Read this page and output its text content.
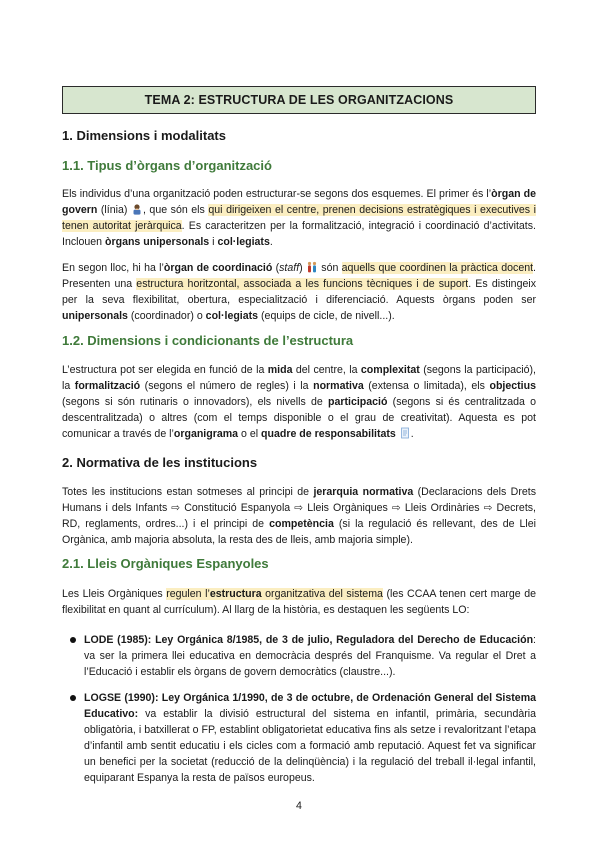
TEMA 2: ESTRUCTURA DE LES ORGANITZACIONS
1. Dimensions i modalitats
1.1. Tipus d’òrgans d’organització

Els individus d’una organització poden estructurar-se segons dos esquemes. El primer és l’òrgan de govern (línia) , que són els qui dirigeixen el centre, prenen decisions estratègiques i executives i tenen autoritat jeràrquica. Es caracteritzen per la formalització, integració i coordinació d’activitats. Inclouen òrgans unipersonals i col·legiats.

En segon lloc, hi ha l’òrgan de coordinació (staff)  són aquells que coordinen la pràctica docent. Presenten una estructura horitzontal, associada a les funcions tècniques i de suport. Es distingeix per la seva flexibilitat, obertura, especialització i diferenciació. Aquests òrgans poden ser unipersonals (coordinador) o col·legiats (equips de cicle, de nivell...).

1.2. Dimensions i condicionants de l’estructura

L’estructura pot ser elegida en funció de la mida del centre, la complexitat (segons la participació), la formalització (segons el número de regles) i la normativa (extensa o limitada), els objectius (segons si són rutinaris o innovadors), els nivells de participació (segons si és centralitzada o descentralitzada) o altres (com el temps disponible o el grau de creativitat). Aquesta es pot comunicar a través de l’organigrama o el quadre de responsabilitats .

2. Normativa de les institucions

Totes les institucions estan sotmeses al principi de jerarquia normativa (Declaracions dels Drets Humans i dels Infants ⇨ Constitució Espanyola ⇨ Lleis Orgàniques ⇨ Lleis Ordinàries ⇨ Decrets, RD, reglaments, ordres...) i el principi de competència (si la regulació és rellevant, des de Llei Orgànica, amb majoria absoluta, la resta des de lleis, amb majoria simple).

2.1. Lleis Orgàniques Espanyoles

Les Lleis Orgàniques regulen l’estructura organitzativa del sistema (les CCAA tenen cert marge de flexibilitat en quant al currículum). Al llarg de la història, es destaquen les següents LO:

LODE (1985): Ley Orgánica 8/1985, de 3 de julio, Reguladora del Derecho de Educación: va ser la primera llei educativa en democràcia després del Franquisme. Va regular el Dret a l’Educació i establir els òrgans de govern democràtics (claustre...).

LOGSE (1990): Ley Orgánica 1/1990, de 3 de octubre, de Ordenación General del Sistema Educativo: va establir la divisió estructural del sistema en infantil, primària, secundària obligatòria, i batxillerat o FP, establint obligatorietat educativa fins als setze i revaloritzant l’etapa d’infantil amb sentit educatiu i els cicles com a formació amb reputació. Aquest fet va significar un benefici per la societat (reducció de la delinqüència) i la regulació del treball il·legal infantil, equiparant Espanya la resta de països europeus.

4
